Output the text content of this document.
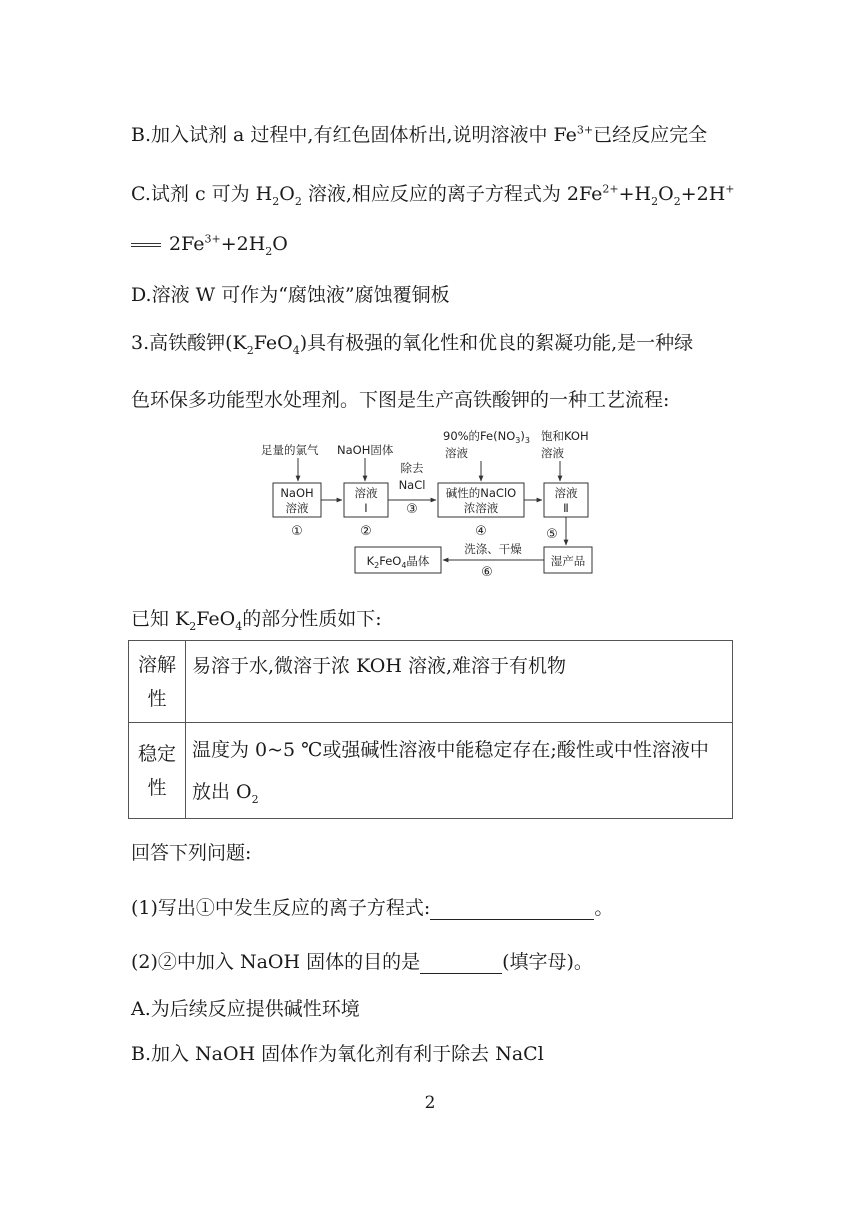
B.加入试剂 a 过程中,有红色固体析出,说明溶液中 $Fe^{3+}$已经反应完全
C.试剂 c 可为 $H_2O_2$ 溶液,相应反应的离子方程式为 $2Fe^{2+}+H_2O_2+2H^+$
$2Fe^{3+}+2H_2O$
D.溶液 W 可作为“腐蚀液”腐蚀覆铜板
3.高铁酸钾$(K_2FeO_4)$具有极强的氧化性和优良的絮凝功能,是一种绿
色环保多功能型水处理剂。下图是生产高铁酸钾的一种工艺流程:
足量的氯气 NaOH固体
90%的$Fe(NO_3)_3$
溶液
饱和KOH
溶液
NaOH
溶液
溶液
Ⅰ
碱性的NaClO
浓溶液
溶液
Ⅱ
除去
NaCl
①	②
③
④	⑤
湿产品
$K_2FeO_4$晶体
洗涤、干燥
⑥
已知 $K_2FeO_4$的部分性质如下:
溶解
性	易溶于水,微溶于浓 KOH 溶液,难溶于有机物
稳定
性	温度为 0~5 ℃或强碱性溶液中能稳定存在;酸性或中性溶液中
放出 $O_2$
回答下列问题:
(1)写出①中发生反应的离子方程式:	。
(2)②中加入 NaOH 固体的目的是	(填字母)。
A.为后续反应提供碱性环境
B.加入 NaOH 固体作为氧化剂有利于除去 NaCl
2
